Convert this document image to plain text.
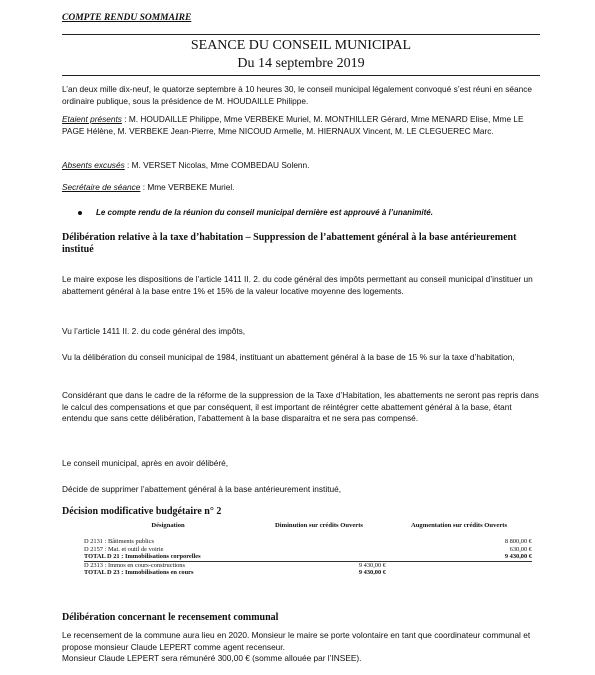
COMPTE RENDU SOMMAIRE
SEANCE DU CONSEIL MUNICIPAL
Du 14 septembre 2019

L’an deux mille dix-neuf, le quatorze septembre à 10 heures 30, le conseil municipal légalement convoqué s’est réuni en séance ordinaire publique, sous la présidence de M. HOUDAILLE Philippe.

Etaient présents : M. HOUDAILLE Philippe, Mme VERBEKE Muriel, M. MONTHILLER Gérard, Mme MENARD Elise, Mme LE PAGE Hélène, M. VERBEKE Jean-Pierre, Mme NICOUD Armelle, M. HIERNAUX Vincent, M. LE CLEGUEREC Marc.

Absents excusés : M. VERSET Nicolas, Mme COMBEDAU Solenn.

Secrétaire de séance : Mme VERBEKE Muriel.

Le compte rendu de la réunion du conseil municipal dernière est approuvé à l’unanimité.
Délibération relative à la taxe d’habitation – Suppression de l’abattement général à la base antérieurement institué

Le maire expose les dispositions de l’article 1411 II. 2. du code général des impôts permettant au conseil municipal d’instituer un abattement général à la base entre 1% et 15% de la valeur locative moyenne des logements.

Vu l’article 1411 II. 2. du code général des impôts,

Vu la délibération du conseil municipal de 1984, instituant un abattement général à la base de 15 % sur la taxe d’habitation,

Considérant que dans le cadre de la réforme de la suppression de la Taxe d’Habitation, les abattements ne seront pas repris dans le calcul des compensations et que par conséquent, il est important de réintégrer cette abattement général à la base, étant entendu que sans cette délibération, l’abattement à la base disparaitra et ne sera pas compensé.

Le conseil municipal, après en avoir délibéré,

Décide de supprimer l’abattement général à la base antérieurement institué,

Décision modificative budgétaire n° 2
Désignation	Diminution sur crédits Ouverts	Augmentation sur crédits Ouverts

D 2131 : Bâtiments publics		8 800,00 €
D 2157 : Mat. et outil de voirie		630,00 €
TOTAL D 21 : Immobilisations corporelles		9 430,00 €
D 2313 : Immos en cours-constructions	9 430,00 €	
TOTAL D 23 : Immobilisations en cours	9 430,00 €	
Délibération concernant le recensement communal

Le recensement de la commune aura lieu en 2020. Monsieur le maire se porte volontaire en tant que coordinateur communal et propose monsieur Claude LEPERT comme agent recenseur.

Monsieur Claude LEPERT sera rémunéré 300,00 € (somme allouée par l’INSEE).
